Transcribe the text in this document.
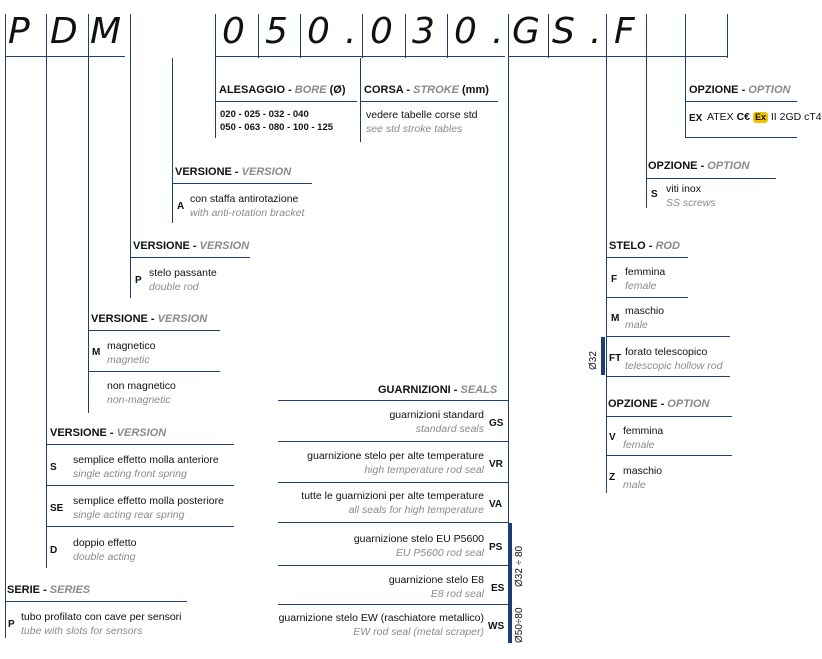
P D M	0 5 0 . 0 3 0 . G S . F
ALESAGGIO - BORE (Ø)
020 - 025 - 032 - 040
050 - 063 - 080 - 100 - 125
CORSA - STROKE (mm)
vedere tabelle corse std
see std stroke tables
OPZIONE - OPTION
EX ATEX C€ Ex II 2GD cT4
OPZIONE - OPTION
S viti inox
SS screws
VERSIONE - VERSION
A
con staffa antirotazione
with anti-rotation bracket
VERSIONE - VERSION
P
stelo passante
double rod
VERSIONE - VERSION
M
magnetico
magnetic
non magnetico
non-magnetic
VERSIONE - VERSION
S
semplice effetto molla anteriore
single acting front spring
SE
semplice effetto molla posteriore
single acting rear spring
D
doppio effetto
double acting
SERIE - SERIES
P
tubo profilato con cave per sensori
tube with slots for sensors
GUARNIZIONI - SEALS
guarnizioni standard
standard seals GS
guarnizione stelo per alte temperature
high temperature rod seal VR
tutte le guarnizioni per alte temperature
all seals for high temperature VA
guarnizione stelo EU P5600
EU P5600 rod seal PS
guarnizione stelo E8
E8 rod seal ES
guarnizione stelo EW (raschiatore metallico)
EW rod seal (metal scraper) WS
Ø32 ÷ 80
Ø50÷80
STELO - ROD
F
femmina
female
M
maschio
male
FT
forato telescopico
telescopic hollow rod
Ø32
OPZIONE - OPTION
V
femmina
female
Z
maschio
male
